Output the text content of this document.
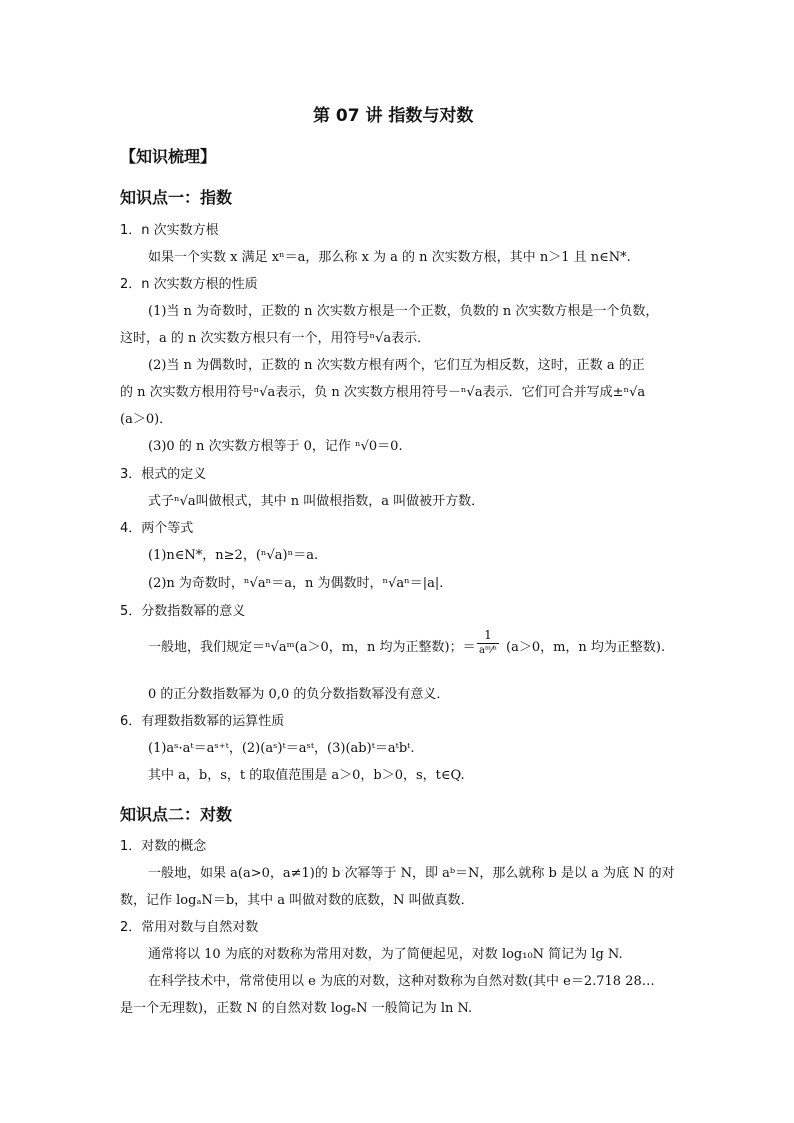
第 07 讲 指数与对数
【知识梳理】
知识点一：指数
1．n 次实数方根
如果一个实数 x 满足 xⁿ＝a，那么称 x 为 a 的 n 次实数方根，其中 n＞1 且 n∈N*.
2．n 次实数方根的性质
(1)当 n 为奇数时，正数的 n 次实数方根是一个正数，负数的 n 次实数方根是一个负数，
这时，a 的 n 次实数方根只有一个，用符号ⁿ√a表示．
(2)当 n 为偶数时，正数的 n 次实数方根有两个，它们互为相反数，这时，正数 a 的正
的 n 次实数方根用符号ⁿ√a表示，负 n 次实数方根用符号－ⁿ√a表示．它们可合并写成±ⁿ√a
(a＞0)．
(3)0 的 n 次实数方根等于 0，记作 ⁿ√0＝0.
3．根式的定义
式子ⁿ√a叫做根式，其中 n 叫做根指数，a 叫做被开方数．
4．两个等式
(1)n∈N*，n≥2，(ⁿ√a)ⁿ＝a.
(2)n 为奇数时，ⁿ√aⁿ＝a，n 为偶数时，ⁿ√aⁿ＝|a|.
5．分数指数幂的意义
一般地，我们规定＝ⁿ√aᵐ(a＞0，m，n 均为正整数)；＝
1
aᵐ⁄ⁿ (a＞0，m，n 均为正整数).
0 的正分数指数幂为 0,0 的负分数指数幂没有意义．
6．有理数指数幂的运算性质
(1)aˢ·aᵗ＝aˢ⁺ᵗ，(2)(aˢ)ᵗ＝aˢᵗ，(3)(ab)ᵗ＝aᵗbᵗ.
其中 a，b，s，t 的取值范围是 a＞0，b＞0，s，t∈Q.
知识点二：对数
1．对数的概念
一般地，如果 a(a>0，a≠1)的 b 次幂等于 N，即 aᵇ＝N，那么就称 b 是以 a 为底 N 的对
数，记作 logₐN＝b，其中 a 叫做对数的底数，N 叫做真数．
2．常用对数与自然对数
通常将以 10 为底的对数称为常用对数，为了简便起见，对数 log₁₀N 简记为 lg N.
在科学技术中，常常使用以 e 为底的对数，这种对数称为自然对数(其中 e＝2.718 28…
是一个无理数)，正数 N 的自然对数 logₑN 一般简记为 ln N.
